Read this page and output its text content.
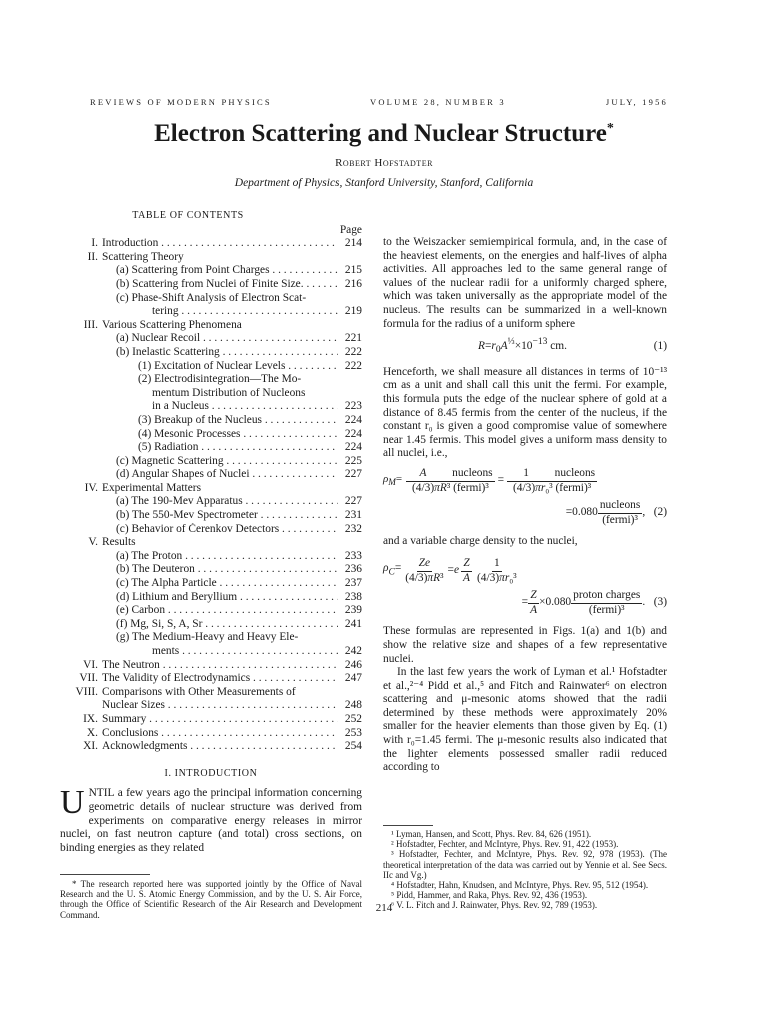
REVIEWS OF MODERN PHYSICS	VOLUME 28, NUMBER 3	JULY, 1956
Electron Scattering and Nuclear Structure*
Robert Hofstadter
Department of Physics, Stanford University, Stanford, California
TABLE OF CONTENTS
Page
I. Introduction . . .	214
II. Scattering Theory
(a) Scattering from Point Charges . . .	215
(b) Scattering from Nuclei of Finite Size. . . .	216
(c) Phase-Shift Analysis of Electron Scat-
tering . . .	219
III. Various Scattering Phenomena
(a) Nuclear Recoil . . .	221
(b) Inelastic Scattering . . .	222
(1) Excitation of Nuclear Levels . . .	222
(2) Electrodisintegration—The Mo-
mentum Distribution of Nucleons
in a Nucleus . . .	223
(3) Breakup of the Nucleus . . .	224
(4) Mesonic Processes . . .	224
(5) Radiation . . .	224
(c) Magnetic Scattering . . .	225
(d) Angular Shapes of Nuclei . . .	227
IV. Experimental Matters
(a) The 190-Mev Apparatus . . .	227
(b) The 550-Mev Spectrometer . . .	231
(c) Behavior of Čerenkov Detectors . . .	232
V. Results
(a) The Proton . . .	233
(b) The Deuteron . . .	236
(c) The Alpha Particle . . .	237
(d) Lithium and Beryllium . . .	238
(e) Carbon . . .	239
(f) Mg, Si, S, A, Sr . . .	241
(g) The Medium-Heavy and Heavy Ele-
ments . . .	242
VI. The Neutron . . .	246
VII. The Validity of Electrodynamics . . .	247
VIII. Comparisons with Other Measurements of
Nuclear Sizes . . .	248
IX. Summary . . .	252
X. Conclusions . . .	253
XI. Acknowledgments . . .	254
I. INTRODUCTION

UNTIL a few years ago the principal information concerning geometric details of nuclear structure was derived from experiments on comparative energy releases in mirror nuclei, on fast neutron capture (and total) cross sections, on binding energies as they related

* The research reported here was supported jointly by the Office of Naval Research and the U. S. Atomic Energy Commission, and by the U. S. Air Force, through the Office of Scientific Research of the Air Research and Development Command.

to the Weiszacker semiempirical formula, and, in the case of the heaviest elements, on the energies and half-lives of alpha activities. All approaches led to the same general range of values of the nuclear radii for a uniformly charged sphere, which was taken universally as the appropriate model of the nucleus. The results can be summarized in a well-known formula for the radius of a uniform sphere

$R=r_0A^{\frac{1}{3}}\times 10^{-13}$ cm.	(1)

Henceforth, we shall measure all distances in terms of 10⁻¹³ cm as a unit and shall call this unit the fermi. For example, this formula puts the edge of the nuclear sphere of gold at a distance of 8.45 fermis from the center of the nucleus, if the constant r₀ is given a good compromise value of somewhere near 1.45 fermis. This model gives a uniform mass density to all nuclei, i.e.,

$\rho_M= \frac{\text{A         nucleons}}{\text{(4/3)πR³ (fermi)³}} = \frac{\text{1         nucleons}}{\text{(4/3)πr₀³ (fermi)³}}$
$=0.080 \frac{\text{nucleons}}{\text{(fermi)³}}$ , (2)

and a variable charge density to the nuclei,

$\rho_C= \frac{Ze}{\text{(4/3)πR³}} =e \frac{Z}{A} \frac{1}{\text{(4/3)πr₀³}}$
= $\frac{Z}{A} \times 0.080 \frac{\text{proton charges}}{\text{(fermi)³}}$ . (3)

These formulas are represented in Figs. 1(a) and 1(b) and show the relative size and shapes of a few representative nuclei.

In the last few years the work of Lyman et al.¹ Hofstadter et al.,²⁻⁴ Pidd et al.,⁵ and Fitch and Rainwater⁶ on electron scattering and μ-mesonic atoms showed that the radii determined by these methods were approximately 20% smaller for the heavier elements than those given by Eq. (1) with r₀=1.45 fermi. The μ-mesonic results also indicated that the lighter elements possessed smaller radii reduced according to

¹ Lyman, Hansen, and Scott, Phys. Rev. 84, 626 (1951).

² Hofstadter, Fechter, and McIntyre, Phys. Rev. 91, 422 (1953).

³ Hofstadter, Fechter, and McIntyre, Phys. Rev. 92, 978 (1953). (The theoretical interpretation of the data was carried out by Yennie et al. See Secs. IIc and Vg.)

⁴ Hofstadter, Hahn, Knudsen, and McIntyre, Phys. Rev. 95, 512 (1954).

⁵ Pidd, Hammer, and Raka, Phys. Rev. 92, 436 (1953).

⁶ V. L. Fitch and J. Rainwater, Phys. Rev. 92, 789 (1953).

214
